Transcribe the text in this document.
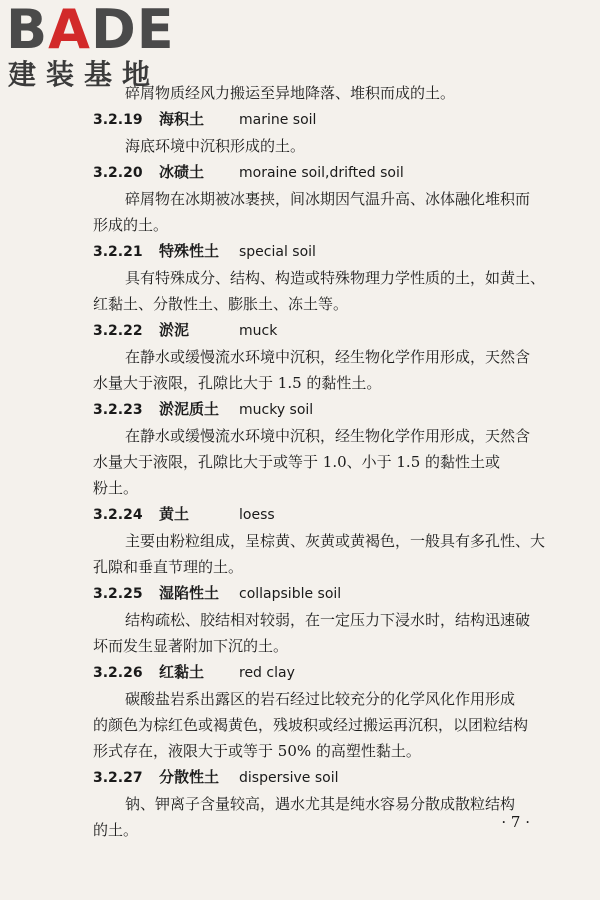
BADE
建装基地
碎屑物质经风力搬运至异地降落、堆积而成的土。
3.2.19 海积土 marine soil
海底环境中沉积形成的土。
3.2.20 冰碛土 moraine soil,drifted soil
碎屑物在冰期被冰裹挟，间冰期因气温升高、冰体融化堆积而
形成的土。
3.2.21 特殊性土 special soil
具有特殊成分、结构、构造或特殊物理力学性质的土，如黄土、
红黏土、分散性土、膨胀土、冻土等。
3.2.22 淤泥	muck
在静水或缓慢流水环境中沉积，经生物化学作用形成，天然含
水量大于液限，孔隙比大于 1.5 的黏性土。
3.2.23 淤泥质土 mucky soil
在静水或缓慢流水环境中沉积，经生物化学作用形成，天然含
水量大于液限，孔隙比大于或等于 1.0、小于 1.5 的黏性土或
粉土。
3.2.24 黄土	loess
主要由粉粒组成，呈棕黄、灰黄或黄褐色，一般具有多孔性、大
孔隙和垂直节理的土。
3.2.25 湿陷性土 collapsible soil
结构疏松、胶结相对较弱，在一定压力下浸水时，结构迅速破
坏而发生显著附加下沉的土。
3.2.26 红黏土 red clay
碳酸盐岩系出露区的岩石经过比较充分的化学风化作用形成
的颜色为棕红色或褐黄色，残坡积或经过搬运再沉积，以团粒结构
形式存在，液限大于或等于 50% 的高塑性黏土。
3.2.27 分散性土 dispersive soil
钠、钾离子含量较高，遇水尤其是纯水容易分散成散粒结构
的土。	· 7 ·
